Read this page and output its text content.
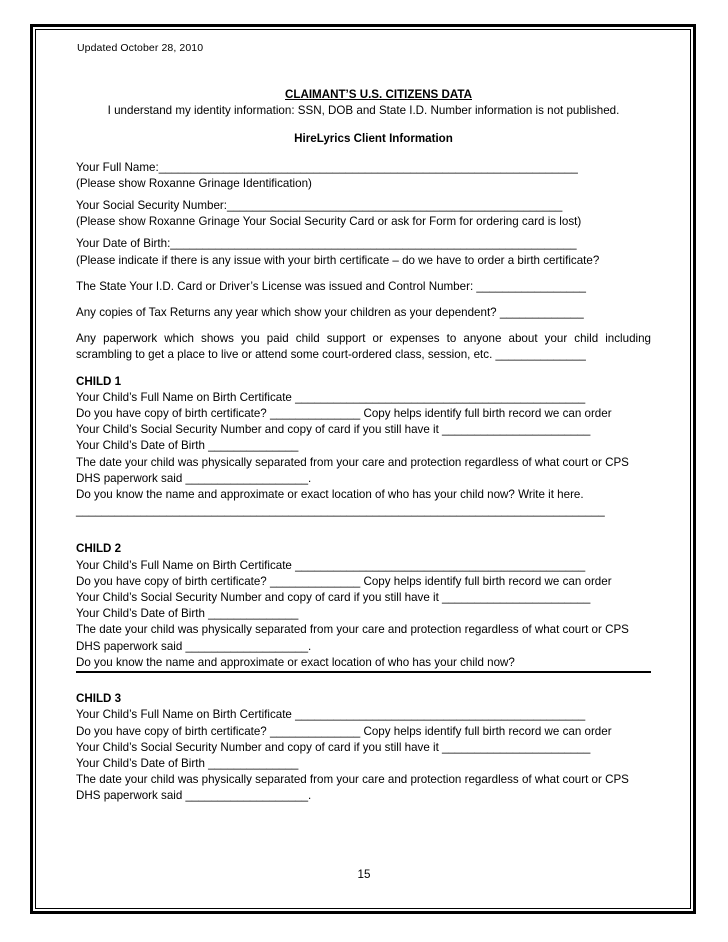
Updated October 28, 2010
CLAIMANT’S U.S. CITIZENS DATA
I understand my identity information: SSN, DOB and State I.D. Number information is not published.
HireLyrics Client Information
Your Full Name:_________________________________________________________________
(Please show Roxanne Grinage Identification)
Your Social Security Number:____________________________________________________
(Please show Roxanne Grinage Your Social Security Card or ask for Form for ordering card is lost)
Your Date of Birth:_______________________________________________________________
(Please indicate if there is any issue with your birth certificate – do we have to order a birth certificate?
The State Your I.D. Card or Driver’s License was issued and Control Number: _________________
Any copies of Tax Returns any year which show your children as your dependent? _____________
Any paperwork which shows you paid child support or expenses to anyone about your child including scrambling to get a place to live or attend some court-ordered class, session, etc. ______________
CHILD 1
Your Child’s Full Name on Birth Certificate _____________________________________________
Do you have copy of birth certificate? ______________ Copy helps identify full birth record we can order
Your Child’s Social Security Number and copy of card if you still have it _______________________
Your Child’s Date of Birth ______________
The date your child was physically separated from your care and protection regardless of what court or CPS
DHS paperwork said ___________________.
Do you know the name and approximate or exact location of who has your child now? Write it here.
__________________________________________________________________________________
CHILD 2
Your Child’s Full Name on Birth Certificate _____________________________________________
Do you have copy of birth certificate? ______________ Copy helps identify full birth record we can order
Your Child’s Social Security Number and copy of card if you still have it _______________________
Your Child’s Date of Birth ______________
The date your child was physically separated from your care and protection regardless of what court or CPS
DHS paperwork said ___________________.
Do you know the name and approximate or exact location of who has your child now?
CHILD 3
Your Child’s Full Name on Birth Certificate _____________________________________________
Do you have copy of birth certificate? ______________ Copy helps identify full birth record we can order
Your Child’s Social Security Number and copy of card if you still have it _______________________
Your Child’s Date of Birth ______________
The date your child was physically separated from your care and protection regardless of what court or CPS
DHS paperwork said ___________________.
15
